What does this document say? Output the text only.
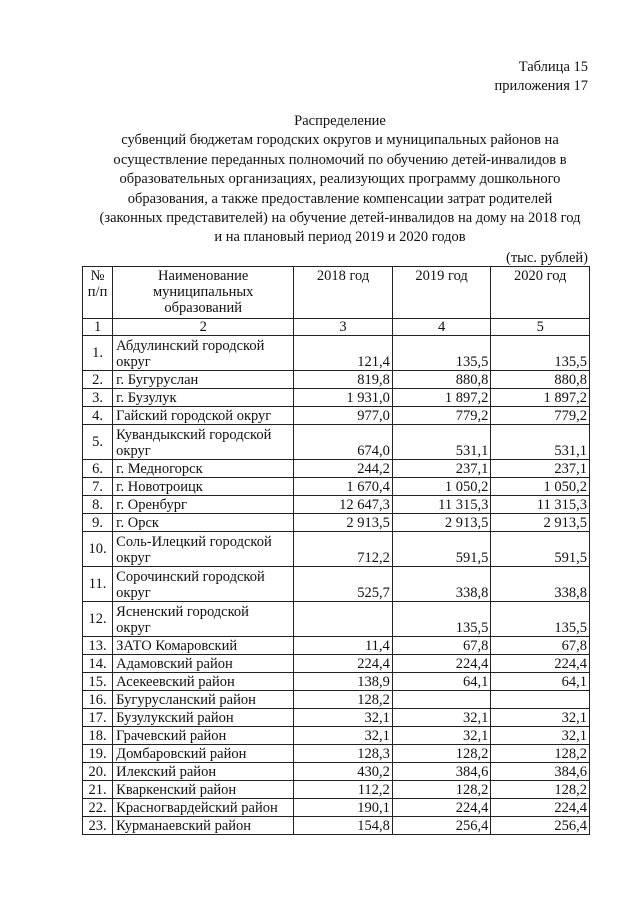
Таблица 15
приложения 17
Распределение
субвенций бюджетам городских округов и муниципальных районов на
осуществление переданных полномочий по обучению детей-инвалидов в
образовательных организациях, реализующих программу дошкольного
образования, а также предоставление компенсации затрат родителей
(законных представителей) на обучение детей-инвалидов на дому на 2018 год
и на плановый период 2019 и 2020 годов
(тыс. рублей)
№ п/п	Наименование муниципальных образований	2018 год	2019 год	2020 год
1	2	3	4	5
1.	Абдулинский городской
округ	121,4	135,5	135,5
2.	г. Бугуруслан	819,8	880,8	880,8
3.	г. Бузулук	1 931,0	1 897,2	1 897,2
4.	Гайский городской округ	977,0	779,2	779,2
5.	Кувандыкский городской
округ	674,0	531,1	531,1
6.	г. Медногорск	244,2	237,1	237,1
7.	г. Новотроицк	1 670,4	1 050,2	1 050,2
8.	г. Оренбург	12 647,3	11 315,3	11 315,3
9.	г. Орск	2 913,5	2 913,5	2 913,5
10.	Соль-Илецкий городской
округ	712,2	591,5	591,5
11.	Сорочинский городской
округ	525,7	338,8	338,8
12.	Ясненский городской
округ		135,5	135,5
13.	ЗАТО Комаровский	11,4	67,8	67,8
14.	Адамовский район	224,4	224,4	224,4
15.	Асекеевский район	138,9	64,1	64,1
16.	Бугурусланский район	128,2		
17.	Бузулукский район	32,1	32,1	32,1
18.	Грачевский район	32,1	32,1	32,1
19.	Домбаровский район	128,3	128,2	128,2
20.	Илекский район	430,2	384,6	384,6
21.	Кваркенский район	112,2	128,2	128,2
22.	Красногвардейский район	190,1	224,4	224,4
23.	Курманаевский район	154,8	256,4	256,4
